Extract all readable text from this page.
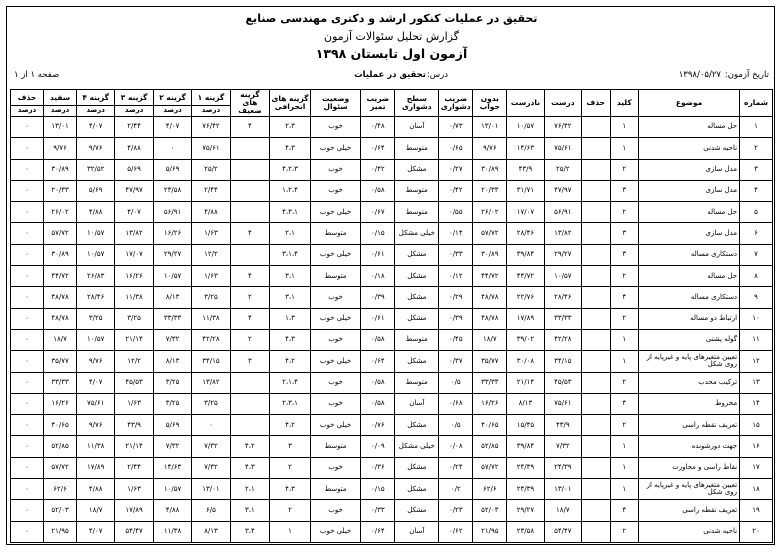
تحقیق در عملیات کنکور ارشد و دکتری مهندسی صنایع
گزارش تحلیل سئوالات آزمون
آزمون اول تابستان ۱۳۹۸
تاریخ آزمون:
۱۳۹۸/۰۵/۲۷
درس:
تحقیق در عملیات
صفحه ۱ از ۱
شماره	موضوع	کلید	حذف	درست	نادرست	بدون جواب	ضریب دشواری	سطح دشواری	ضریب تمیز	وضعیت سئوال	گزینه های انحرافی	گزینه های ضعیف	گزینه ۱	گزینه ۲	گزینه ۳	گزینه ۴	سفید	حذف
													درصد	درصد	درصد	درصد	درصد	درصد
۱	حل مساله	۱		۷۶/۴۲	۱۰/۵۷	۱۳/۰۱	۰/۷۳	آسان	۰/۴۸	خوب	۲،۳	۴	۷۶/۴۲	۴/۰۷	۲/۴۴	۴/۰۷	۱۳/۰۱	۰
۲	ناحیه شدنی	۱		۷۵/۶۱	۱۴/۶۳	۹/۷۶	۰/۶۵	متوسط	۰/۶۴	خیلی خوب	۴،۳		۷۵/۶۱	۰	۴/۸۸	۹/۷۶	۹/۷۶	۰
۳	مدل سازی	۲		۲۵/۲	۴۳/۹	۳۰/۸۹	۰/۲۷	مشکل	۰/۴۲	خوب	۴،۲،۳		۲۵/۲	۵/۶۹	۵/۶۹	۳۲/۵۲	۳۰/۸۹	۰
۴	مدل سازی	۳		۴۷/۹۷	۳۱/۷۱	۲۰/۳۳	۰/۴۲	متوسط	۰/۵۸	خوب	۱،۲،۴		۲/۴۴	۲۳/۵۸	۴۷/۹۷	۵/۶۹	۲۰/۳۳	۰
۵	حل مساله	۲		۵۶/۹۱	۱۷/۰۷	۲۶/۰۲	۰/۵۵	متوسط	۰/۶۷	خیلی خوب	۴،۳،۱		۴/۸۸	۵۶/۹۱	۴/۰۷	۴/۸۸	۲۶/۰۲	۰
۶	مدل سازی	۳		۱۳/۸۲	۲۸/۴۶	۵۷/۷۲	۰/۱۴	خیلی مشکل	۰/۱۵	متوسط	۲،۱	۴	۱/۶۳	۱۶/۲۶	۱۳/۸۲	۱۰/۵۷	۵۷/۷۲	۰
۷	دستکاری مساله	۳		۲۹/۲۷	۳۹/۸۴	۳۰/۸۹	۰/۳۳	مشکل	۰/۶۱	خیلی خوب	۳،۱،۴		۱۲/۲	۲۹/۲۷	۱۷/۰۷	۱۰/۵۷	۳۰/۸۹	۰
۸	حل مساله	۲		۱۰/۵۷	۴۴/۷۲	۴۴/۷۲	۰/۱۲	مشکل	۰/۱۸	متوسط	۳،۱	۴	۱/۶۳	۱۰/۵۷	۱۶/۲۶	۲۶/۸۳	۴۴/۷۲	۰
۹	دستکاری مساله	۴		۲۸/۴۶	۲۲/۷۶	۴۸/۷۸	۰/۲۹	مشکل	۰/۳۹	خوب	۳،۱	۲	۳/۲۵	۸/۱۳	۱۱/۳۸	۲۸/۴۶	۴۸/۷۸	۰
۱۰	ارتباط دو مساله	۲		۳۳/۳۳	۱۷/۸۹	۴۸/۷۸	۰/۳۹	مشکل	۰/۶۱	خیلی خوب	۱،۳	۴	۱۱/۳۸	۳۳/۳۳	۳/۲۵	۳/۲۵	۴۸/۷۸	۰
۱۱	گوله پشتی	۱		۴۲/۲۸	۳۹/۰۲	۱۸/۷	۰/۴۵	متوسط	۰/۵۸	خوب	۴،۳	۲	۴۲/۲۸	۷/۳۲	۲۱/۱۴	۱۰/۵۷	۱۸/۷	۰
۱۲	تعیین متغیرهای پایه و غیرپایه از روی شکل	۱		۳۴/۱۵	۳۰/۰۸	۳۵/۷۷	۰/۳۷	مشکل	۰/۶۴	خیلی خوب	۴،۲	۳	۳۴/۱۵	۸/۱۳	۱۲/۲	۹/۷۶	۳۵/۷۷	۰
۱۳	ترکیب محدب	۲		۴۵/۵۳	۲۱/۱۴	۳۳/۳۳	۰/۵	متوسط	۰/۵۸	خوب	۲،۱،۴		۱۳/۸۲	۳/۲۵	۴۵/۵۳	۴/۰۷	۳۳/۳۳	۰
۱۴	مخروط	۴		۷۵/۶۱	۸/۱۳	۱۶/۲۶	۰/۶۸	آسان	۰/۵۸	خوب	۲،۳،۱		۳/۲۵	۳/۲۵	۱/۶۳	۷۵/۶۱	۱۶/۲۶	۰
۱۵	تعریف نقطه راسی	۲		۴۳/۹	۱۵/۴۵	۴۰/۶۵	۰/۵	مشکل	۰/۷۶	خیلی خوب	۴،۲		۰	۵/۶۹	۴۳/۹	۹/۷۶	۴۰/۶۵	۰
۱۶	جهت دورشونده	۱		۷/۳۲	۳۹/۸۴	۵۲/۸۵	۰/۰۸	خیلی مشکل	۰/۰۹	متوسط	۳	۴،۲	۷/۳۲	۷/۳۲	۲۱/۱۴	۱۱/۳۸	۵۲/۸۵	۰
۱۷	نقاط راسی و مجاورت	۱		۲۴/۳۹	۲۴/۳۹	۵۷/۷۲	۰/۲۴	مشکل	۰/۳۶	خوب	۲	۴،۳	۷/۳۲	۱۴/۶۳	۲/۴۴	۱۷/۸۹	۵۷/۷۲	۰
۱۸	تعیین متغیرهای پایه و غیرپایه از روی شکل	۱		۱۳/۰۱	۲۴/۳۹	۶۲/۶	۰/۲	مشکل	۰/۱۵	متوسط	۴،۳	۲،۱	۱۳/۰۱	۱۰/۵۷	۱/۶۳	۴/۸۸	۶۲/۶	۰
۱۹	تعریف نقطه راسی	۴		۱۸/۷	۲۹/۲۷	۵۲/۰۳	۰/۲۳	مشکل	۰/۳۳	خوب	۲	۳،۱	۶/۵	۴/۸۸	۱۷/۸۹	۱۸/۷	۵۲/۰۳	۰
۲۰	ناحیه شدنی	۲		۵۴/۴۷	۲۳/۵۸	۲۱/۹۵	۰/۶۲	آسان	۰/۶۴	خیلی خوب	۱	۳،۴	۸/۱۳	۱۱/۳۸	۵۴/۴۷	۴/۰۷	۲۱/۹۵	۰
